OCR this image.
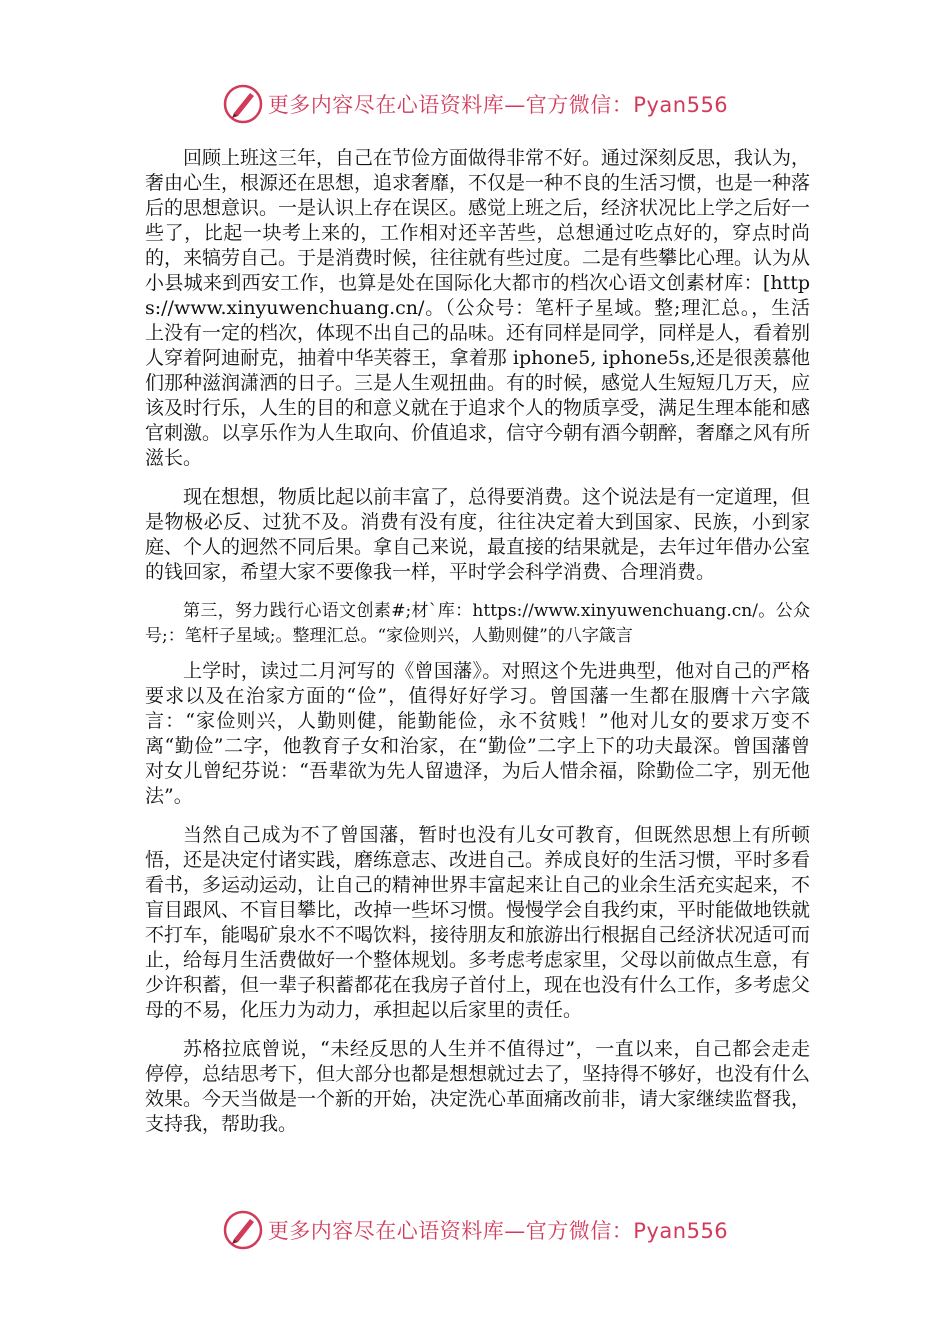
更多内容尽在心语资料库—官方微信：Pyan556

回顾上班这三年，自己在节俭方面做得非常不好。通过深刻反思，我认为，奢由心生，根源还在思想，追求奢靡，不仅是一种不良的生活习惯，也是一种落后的思想意识。一是认识上存在误区。感觉上班之后，经济状况比上学之后好一些了，比起一块考上来的，工作相对还辛苦些，总想通过吃点好的，穿点时尚的，来犒劳自己。于是消费时候，往往就有些过度。二是有些攀比心理。认为从小县城来到西安工作，也算是处在国际化大都市的档次心语文创素材库：[https://www.xinyuwenchuang.cn/。（公众号：笔杆子星域。整;理汇总。，生活上没有一定的档次，体现不出自己的品味。还有同样是同学，同样是人，看着别人穿着阿迪耐克，抽着中华芙蓉王，拿着那 iphone5, iphone5s,还是很羡慕他们那种滋润潇洒的日子。三是人生观扭曲。有的时候，感觉人生短短几万天，应该及时行乐，人生的目的和意义就在于追求个人的物质享受，满足生理本能和感官刺激。以享乐作为人生取向、价值追求，信守今朝有酒今朝醉，奢靡之风有所滋长。

现在想想，物质比起以前丰富了，总得要消费。这个说法是有一定道理，但是物极必反、过犹不及。消费有没有度，往往决定着大到国家、民族，小到家庭、个人的迥然不同后果。拿自己来说，最直接的结果就是，去年过年借办公室的钱回家，希望大家不要像我一样，平时学会科学消费、合理消费。

第三，努力践行心语文创素#;材`库：https://www.xinyuwenchuang.cn/。公众号;：笔杆子星域;。整理汇总。“家俭则兴，人勤则健”的八字箴言

上学时，读过二月河写的《曾国藩》。对照这个先进典型，他对自己的严格要求以及在治家方面的“俭”，值得好好学习。曾国藩一生都在服膺十六字箴言：“家俭则兴，人勤则健，能勤能俭，永不贫贱！”他对儿女的要求万变不离“勤俭”二字，他教育子女和治家，在“勤俭”二字上下的功夫最深。曾国藩曾对女儿曾纪芬说：“吾辈欲为先人留遗泽，为后人惜余福，除勤俭二字，别无他法”。

当然自己成为不了曾国藩，暂时也没有儿女可教育，但既然思想上有所顿悟，还是决定付诸实践，磨练意志、改进自己。养成良好的生活习惯，平时多看看书，多运动运动，让自己的精神世界丰富起来让自己的业余生活充实起来，不盲目跟风、不盲目攀比，改掉一些坏习惯。慢慢学会自我约束，平时能做地铁就不打车，能喝矿泉水不不喝饮料，接待朋友和旅游出行根据自己经济状况适可而止，给每月生活费做好一个整体规划。多考虑考虑家里，父母以前做点生意，有少许积蓄，但一辈子积蓄都花在我房子首付上，现在也没有什么工作，多考虑父母的不易，化压力为动力，承担起以后家里的责任。

苏格拉底曾说，“未经反思的人生并不值得过”，一直以来，自己都会走走停停，总结思考下，但大部分也都是想想就过去了，坚持得不够好，也没有什么效果。今天当做是一个新的开始，决定洗心革面痛改前非，请大家继续监督我，支持我，帮助我。

更多内容尽在心语资料库—官方微信：Pyan556
